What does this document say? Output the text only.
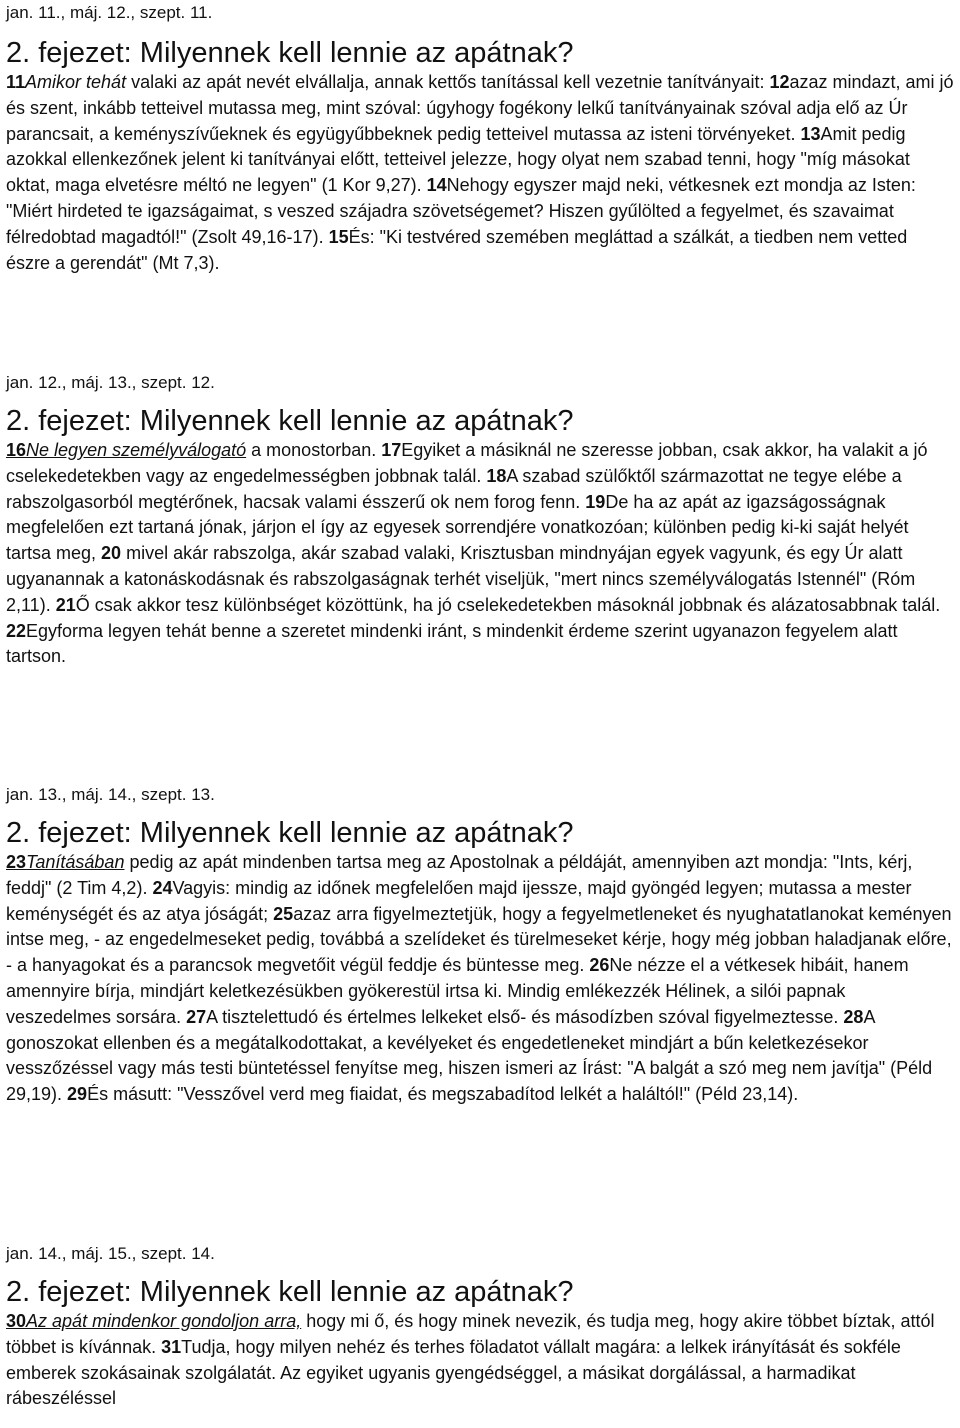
jan. 11., máj. 12., szept. 11.

2. fejezet: Milyennek kell lennie az apátnak?

11Amikor tehát valaki az apát nevét elvállalja, annak kettős tanítással kell vezetnie tanítványait: 12azaz mindazt, ami jó és szent, inkább tetteivel mutassa meg, mint szóval: úgyhogy fogékony lelkű tanítványainak szóval adja elő az Úr parancsait, a keményszívűeknek és együgyűbbeknek pedig tetteivel mutassa az isteni törvényeket. 13Amit pedig azokkal ellenkezőnek jelent ki tanítványai előtt, tetteivel jelezze, hogy olyat nem szabad tenni, hogy "míg másokat oktat, maga elvetésre méltó ne legyen" (1 Kor 9,27). 14Nehogy egyszer majd neki, vétkesnek ezt mondja az Isten: "Miért hirdeted te igazságaimat, s veszed szájadra szövetségemet? Hiszen gyűlölted a fegyelmet, és szavaimat félredobtad magadtól!" (Zsolt 49,16-17). 15És: "Ki testvéred szemében megláttad a szálkát, a tiedben nem vetted észre a gerendát" (Mt 7,3).

jan. 12., máj. 13., szept. 12.

2. fejezet: Milyennek kell lennie az apátnak?

16Ne legyen személyválogató a monostorban. 17Egyiket a másiknál ne szeresse jobban, csak akkor, ha valakit a jó cselekedetekben vagy az engedelmességben jobbnak talál. 18A szabad szülőktől származottat ne tegye elébe a rabszolgasorból megtérőnek, hacsak valami ésszerű ok nem forog fenn. 19De ha az apát az igazságosságnak megfelelően ezt tartaná jónak, járjon el így az egyesek sorrendjére vonatkozóan; különben pedig ki-ki saját helyét tartsa meg, 20 mivel akár rabszolga, akár szabad valaki, Krisztusban mindnyájan egyek vagyunk, és egy Úr alatt ugyanannak a katonáskodásnak és rabszolgaságnak terhét viseljük, "mert nincs személyválogatás Istennél" (Róm 2,11). 21Ő csak akkor tesz különbséget közöttünk, ha jó cselekedetekben másoknál jobbnak és alázatosabbnak talál. 22Egyforma legyen tehát benne a szeretet mindenki iránt, s mindenkit érdeme szerint ugyanazon fegyelem alatt tartson.

jan. 13., máj. 14., szept. 13.

2. fejezet: Milyennek kell lennie az apátnak?

23Tanításában pedig az apát mindenben tartsa meg az Apostolnak a példáját, amennyiben azt mondja: "Ints, kérj, feddj" (2 Tim 4,2). 24Vagyis: mindig az időnek megfelelően majd ijessze, majd gyöngéd legyen; mutassa a mester keménységét és az atya jóságát; 25azaz arra figyelmeztetjük, hogy a fegyelmetleneket és nyughatatlanokat keményen intse meg, - az engedelmeseket pedig, továbbá a szelídeket és türelmeseket kérje, hogy még jobban haladjanak előre, - a hanyagokat és a parancsok megvetőit végül feddje és büntesse meg. 26Ne nézze el a vétkesek hibáit, hanem amennyire bírja, mindjárt keletkezésükben gyökerestül irtsa ki. Mindig emlékezzék Hélinek, a silói papnak veszedelmes sorsára. 27A tisztelettudó és értelmes lelkeket első- és másodízben szóval figyelmeztesse. 28A gonoszokat ellenben és a megátalkodottakat, a kevélyeket és engedetleneket mindjárt a bűn keletkezésekor vesszőzéssel vagy más testi büntetéssel fenyítse meg, hiszen ismeri az Írást: "A balgát a szó meg nem javítja" (Péld 29,19). 29És másutt: "Vesszővel verd meg fiaidat, és megszabadítod lelkét a haláltól!" (Péld 23,14).

jan. 14., máj. 15., szept. 14.

2. fejezet: Milyennek kell lennie az apátnak?

30Az apát mindenkor gondoljon arra, hogy mi ő, és hogy minek nevezik, és tudja meg, hogy akire többet bíztak, attól többet is kívánnak. 31Tudja, hogy milyen nehéz és terhes föladatot vállalt magára: a lelkek irányítását és sokféle emberek szokásainak szolgálatát. Az egyiket ugyanis gyengédséggel, a másikat dorgálással, a harmadikat rábeszéléssel
